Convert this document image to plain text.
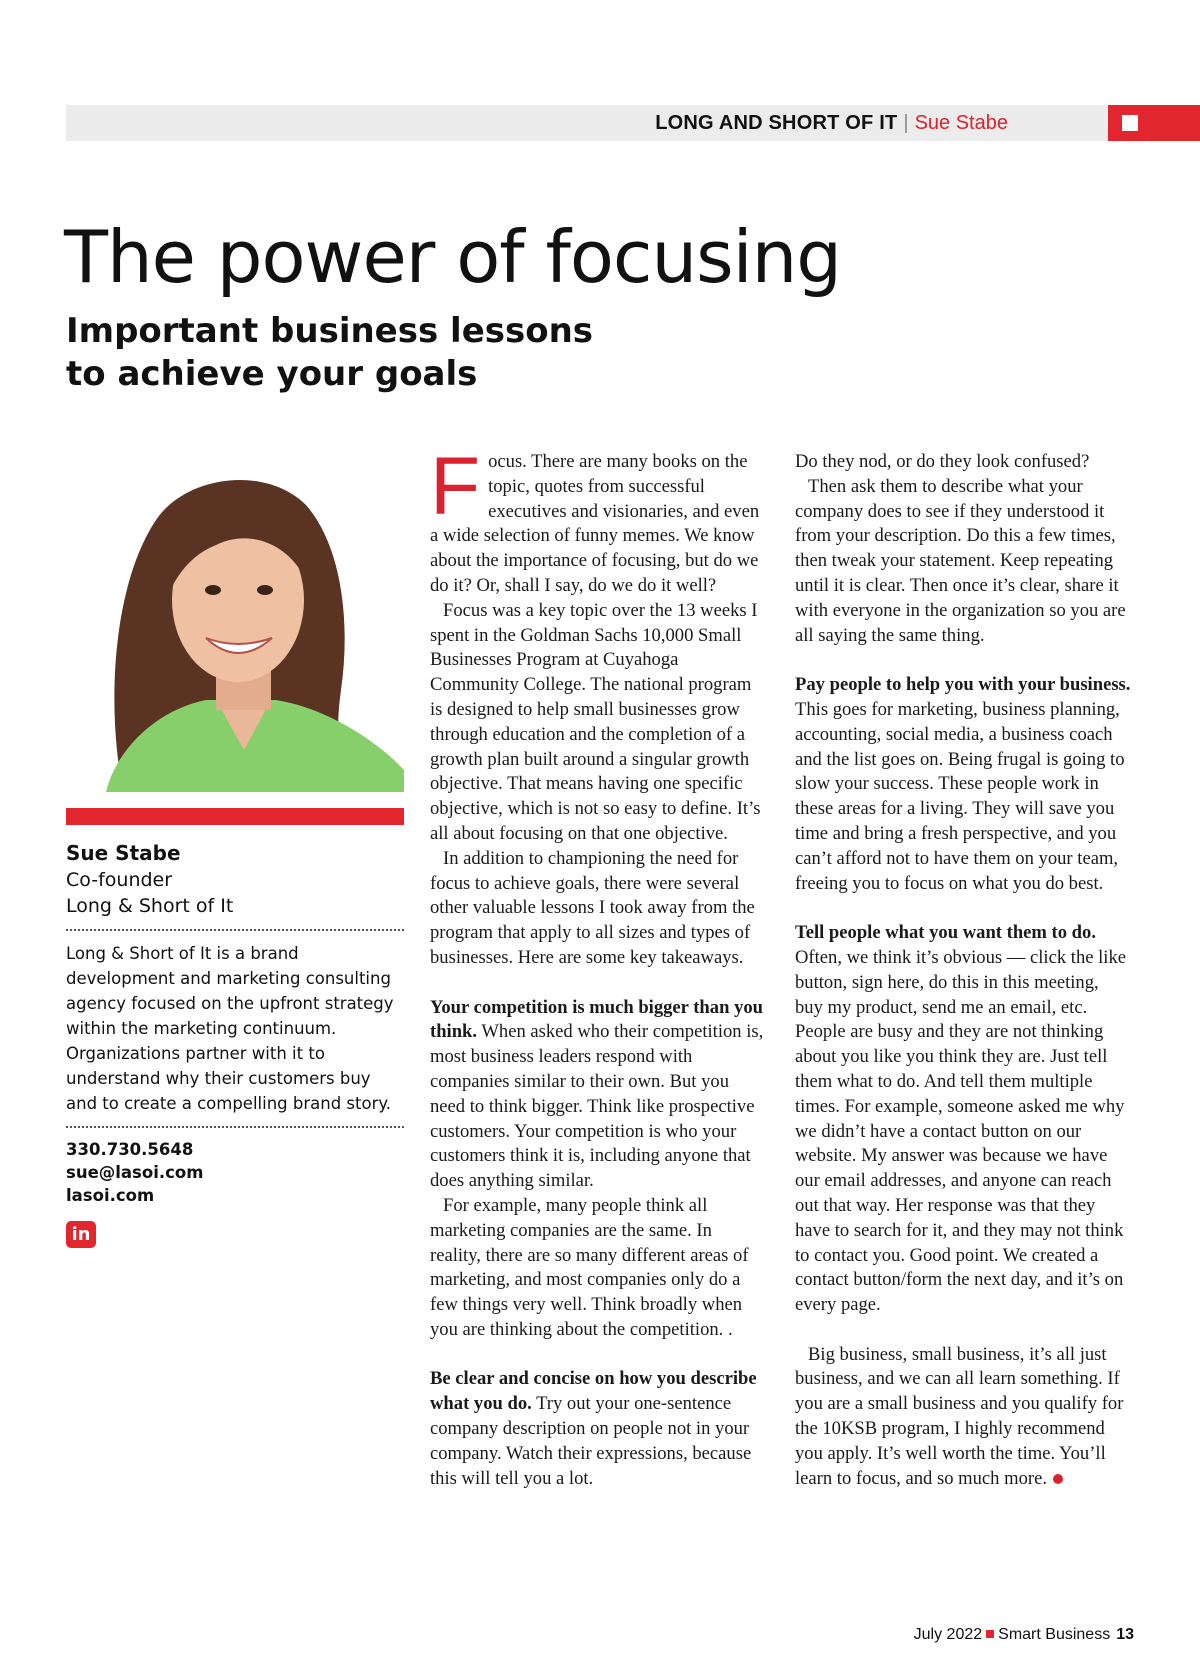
LONG AND SHORT OF IT | Sue Stabe
The power of focusing
Important business lessons
to achieve your goals
Sue Stabe
Co-founder
Long & Short of It
Long & Short of It is a brand development and marketing consulting agency focused on the upfront strategy within the marketing continuum. Organizations partner with it to understand why their customers buy and to create a compelling brand story.
330.730.5648
sue@lasoi.com
lasoi.com
in

Focus. There are many books on the topic, quotes from successful executives and visionaries, and even a wide selection of funny memes. We know about the importance of focusing, but do we do it? Or, shall I say, do we do it well?

Focus was a key topic over the 13 weeks I spent in the Goldman Sachs 10,000 Small Businesses Program at Cuyahoga Community College. The national program is designed to help small businesses grow through education and the completion of a growth plan built around a singular growth objective. That means having one specific objective, which is not so easy to define. It’s all about focusing on that one objective.

In addition to championing the need for focus to achieve goals, there were several other valuable lessons I took away from the program that apply to all sizes and types of businesses. Here are some key takeaways.

Your competition is much bigger than you think. When asked who their competition is, most business leaders respond with companies similar to their own. But you need to think bigger. Think like prospective customers. Your competition is who your customers think it is, including anyone that does anything similar.

For example, many people think all marketing companies are the same. In reality, there are so many different areas of marketing, and most companies only do a few things very well. Think broadly when you are thinking about the competition. .

Be clear and concise on how you describe what you do. Try out your one-sentence company description on people not in your company. Watch their expressions, because this will tell you a lot.

Do they nod, or do they look confused?

Then ask them to describe what your company does to see if they understood it from your description. Do this a few times, then tweak your statement. Keep repeating until it is clear. Then once it’s clear, share it with everyone in the organization so you are all saying the same thing.

Pay people to help you with your business. This goes for marketing, business planning, accounting, social media, a business coach and the list goes on. Being frugal is going to slow your success. These people work in these areas for a living. They will save you time and bring a fresh perspective, and you can’t afford not to have them on your team, freeing you to focus on what you do best.

Tell people what you want them to do. Often, we think it’s obvious — click the like button, sign here, do this in this meeting, buy my product, send me an email, etc. People are busy and they are not thinking about you like you think they are. Just tell them what to do. And tell them multiple times. For example, someone asked me why we didn’t have a contact button on our website. My answer was because we have our email addresses, and anyone can reach out that way. Her response was that they have to search for it, and they may not think to contact you. Good point. We created a contact button/form the next day, and it’s on every page.

Big business, small business, it’s all just business, and we can all learn something. If you are a small business and you qualify for the 10KSB program, I highly recommend you apply. It’s well worth the time. You’ll learn to focus, and so much more.

July 2022 Smart Business 13
